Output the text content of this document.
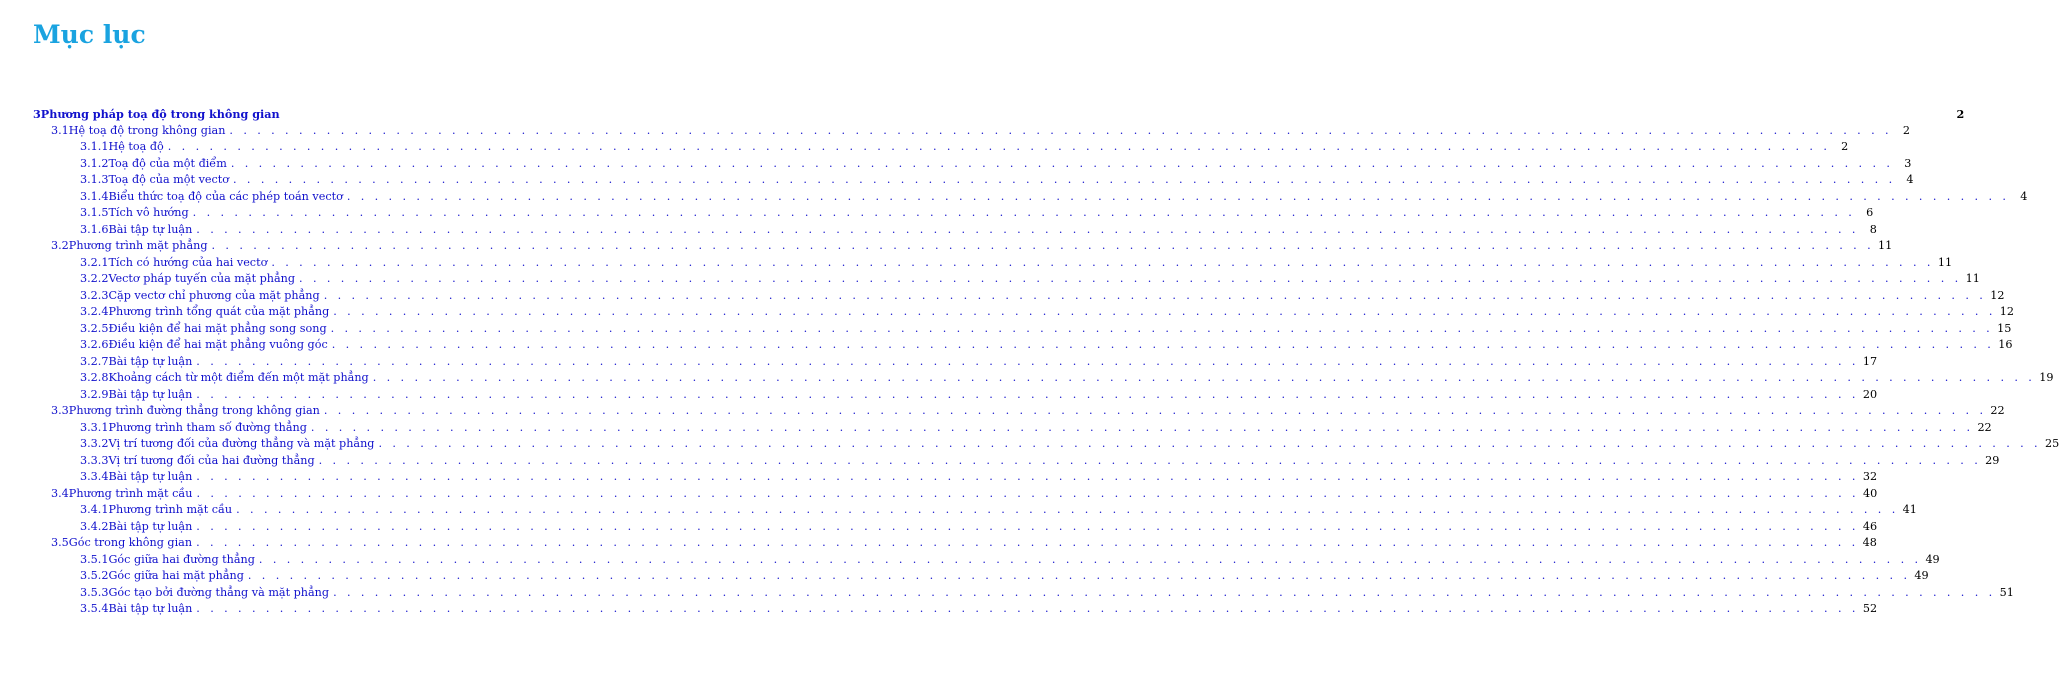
Mục lục
3 Phương pháp toạ độ trong không gian	2
3.1 Hệ toạ độ trong không gian . . . . . . . . . . . . . . . . . . . . . . . . . . . . . . . . . . . . . . . . . . . . . . . . . . . . . . . . . . . . . . . . . . . . . . . . . . . . . . . . . . . . . . . . . . . . . . . . . . . . . . . . . . . . . . . . . . . . . . . . 2
3.1.1 Hệ toạ độ . . . . . . . . . . . . . . . . . . . . . . . . . . . . . . . . . . . . . . . . . . . . . . . . . . . . . . . . . . . . . . . . . . . . . . . . . . . . . . . . . . . . . . . . . . . . . . . . . . . . . . . . . . . . . . . . . . . . . . . . 2
3.1.2 Toạ độ của một điểm . . . . . . . . . . . . . . . . . . . . . . . . . . . . . . . . . . . . . . . . . . . . . . . . . . . . . . . . . . . . . . . . . . . . . . . . . . . . . . . . . . . . . . . . . . . . . . . . . . . . . . . . . . . . . . . . . . . . . . . . 3
3.1.3 Toạ độ của một vectơ . . . . . . . . . . . . . . . . . . . . . . . . . . . . . . . . . . . . . . . . . . . . . . . . . . . . . . . . . . . . . . . . . . . . . . . . . . . . . . . . . . . . . . . . . . . . . . . . . . . . . . . . . . . . . . . . . . . . . . . . 4
3.1.4 Biểu thức toạ độ của các phép toán vectơ . . . . . . . . . . . . . . . . . . . . . . . . . . . . . . . . . . . . . . . . . . . . . . . . . . . . . . . . . . . . . . . . . . . . . . . . . . . . . . . . . . . . . . . . . . . . . . . . . . . . . . . . . . . . . . . . . . . . . . . . 4
3.1.5 Tích vô hướng . . . . . . . . . . . . . . . . . . . . . . . . . . . . . . . . . . . . . . . . . . . . . . . . . . . . . . . . . . . . . . . . . . . . . . . . . . . . . . . . . . . . . . . . . . . . . . . . . . . . . . . . . . . . . . . . . . . . . . . . 6
3.1.6 Bài tập tự luận . . . . . . . . . . . . . . . . . . . . . . . . . . . . . . . . . . . . . . . . . . . . . . . . . . . . . . . . . . . . . . . . . . . . . . . . . . . . . . . . . . . . . . . . . . . . . . . . . . . . . . . . . . . . . . . . . . . . . . . . 8
3.2 Phương trình mặt phẳng . . . . . . . . . . . . . . . . . . . . . . . . . . . . . . . . . . . . . . . . . . . . . . . . . . . . . . . . . . . . . . . . . . . . . . . . . . . . . . . . . . . . . . . . . . . . . . . . . . . . . . . . . . . . . . . . . . . . . . . . 11
3.2.1 Tích có hướng của hai vectơ . . . . . . . . . . . . . . . . . . . . . . . . . . . . . . . . . . . . . . . . . . . . . . . . . . . . . . . . . . . . . . . . . . . . . . . . . . . . . . . . . . . . . . . . . . . . . . . . . . . . . . . . . . . . . . . . . . . . . . . . 11
3.2.2 Vectơ pháp tuyến của mặt phẳng . . . . . . . . . . . . . . . . . . . . . . . . . . . . . . . . . . . . . . . . . . . . . . . . . . . . . . . . . . . . . . . . . . . . . . . . . . . . . . . . . . . . . . . . . . . . . . . . . . . . . . . . . . . . . . . . . . . . . . . . 11
3.2.3 Cặp vectơ chỉ phương của mặt phẳng . . . . . . . . . . . . . . . . . . . . . . . . . . . . . . . . . . . . . . . . . . . . . . . . . . . . . . . . . . . . . . . . . . . . . . . . . . . . . . . . . . . . . . . . . . . . . . . . . . . . . . . . . . . . . . . . . . . . . . . . 12
3.2.4 Phương trình tổng quát của mặt phẳng . . . . . . . . . . . . . . . . . . . . . . . . . . . . . . . . . . . . . . . . . . . . . . . . . . . . . . . . . . . . . . . . . . . . . . . . . . . . . . . . . . . . . . . . . . . . . . . . . . . . . . . . . . . . . . . . . . . . . . . . 12
3.2.5 Điều kiện để hai mặt phẳng song song . . . . . . . . . . . . . . . . . . . . . . . . . . . . . . . . . . . . . . . . . . . . . . . . . . . . . . . . . . . . . . . . . . . . . . . . . . . . . . . . . . . . . . . . . . . . . . . . . . . . . . . . . . . . . . . . . . . . . . . . 15
3.2.6 Điều kiện để hai mặt phẳng vuông góc . . . . . . . . . . . . . . . . . . . . . . . . . . . . . . . . . . . . . . . . . . . . . . . . . . . . . . . . . . . . . . . . . . . . . . . . . . . . . . . . . . . . . . . . . . . . . . . . . . . . . . . . . . . . . . . . . . . . . . . . 16
3.2.7 Bài tập tự luận . . . . . . . . . . . . . . . . . . . . . . . . . . . . . . . . . . . . . . . . . . . . . . . . . . . . . . . . . . . . . . . . . . . . . . . . . . . . . . . . . . . . . . . . . . . . . . . . . . . . . . . . . . . . . . . . . . . . . . . . 17
3.2.8 Khoảng cách từ một điểm đến một mặt phẳng . . . . . . . . . . . . . . . . . . . . . . . . . . . . . . . . . . . . . . . . . . . . . . . . . . . . . . . . . . . . . . . . . . . . . . . . . . . . . . . . . . . . . . . . . . . . . . . . . . . . . . . . . . . . . . . . . . . . . . . . 19
3.2.9 Bài tập tự luận . . . . . . . . . . . . . . . . . . . . . . . . . . . . . . . . . . . . . . . . . . . . . . . . . . . . . . . . . . . . . . . . . . . . . . . . . . . . . . . . . . . . . . . . . . . . . . . . . . . . . . . . . . . . . . . . . . . . . . . . 20
3.3 Phương trình đường thẳng trong không gian . . . . . . . . . . . . . . . . . . . . . . . . . . . . . . . . . . . . . . . . . . . . . . . . . . . . . . . . . . . . . . . . . . . . . . . . . . . . . . . . . . . . . . . . . . . . . . . . . . . . . . . . . . . . . . . . . . . . . . . . 22
3.3.1 Phương trình tham số đường thẳng . . . . . . . . . . . . . . . . . . . . . . . . . . . . . . . . . . . . . . . . . . . . . . . . . . . . . . . . . . . . . . . . . . . . . . . . . . . . . . . . . . . . . . . . . . . . . . . . . . . . . . . . . . . . . . . . . . . . . . . . 22
3.3.2 Vị trí tương đối của đường thẳng và mặt phẳng . . . . . . . . . . . . . . . . . . . . . . . . . . . . . . . . . . . . . . . . . . . . . . . . . . . . . . . . . . . . . . . . . . . . . . . . . . . . . . . . . . . . . . . . . . . . . . . . . . . . . . . . . . . . . . . . . . . . . . . . 25
3.3.3 Vị trí tương đối của hai đường thẳng . . . . . . . . . . . . . . . . . . . . . . . . . . . . . . . . . . . . . . . . . . . . . . . . . . . . . . . . . . . . . . . . . . . . . . . . . . . . . . . . . . . . . . . . . . . . . . . . . . . . . . . . . . . . . . . . . . . . . . . . 29
3.3.4 Bài tập tự luận . . . . . . . . . . . . . . . . . . . . . . . . . . . . . . . . . . . . . . . . . . . . . . . . . . . . . . . . . . . . . . . . . . . . . . . . . . . . . . . . . . . . . . . . . . . . . . . . . . . . . . . . . . . . . . . . . . . . . . . . 32
3.4 Phương trình mặt cầu . . . . . . . . . . . . . . . . . . . . . . . . . . . . . . . . . . . . . . . . . . . . . . . . . . . . . . . . . . . . . . . . . . . . . . . . . . . . . . . . . . . . . . . . . . . . . . . . . . . . . . . . . . . . . . . . . . . . . . . . 40
3.4.1 Phương trình mặt cầu . . . . . . . . . . . . . . . . . . . . . . . . . . . . . . . . . . . . . . . . . . . . . . . . . . . . . . . . . . . . . . . . . . . . . . . . . . . . . . . . . . . . . . . . . . . . . . . . . . . . . . . . . . . . . . . . . . . . . . . . 41
3.4.2 Bài tập tự luận . . . . . . . . . . . . . . . . . . . . . . . . . . . . . . . . . . . . . . . . . . . . . . . . . . . . . . . . . . . . . . . . . . . . . . . . . . . . . . . . . . . . . . . . . . . . . . . . . . . . . . . . . . . . . . . . . . . . . . . . 46
3.5 Góc trong không gian . . . . . . . . . . . . . . . . . . . . . . . . . . . . . . . . . . . . . . . . . . . . . . . . . . . . . . . . . . . . . . . . . . . . . . . . . . . . . . . . . . . . . . . . . . . . . . . . . . . . . . . . . . . . . . . . . . . . . . . . 48
3.5.1 Góc giữa hai đường thẳng . . . . . . . . . . . . . . . . . . . . . . . . . . . . . . . . . . . . . . . . . . . . . . . . . . . . . . . . . . . . . . . . . . . . . . . . . . . . . . . . . . . . . . . . . . . . . . . . . . . . . . . . . . . . . . . . . . . . . . . . 49
3.5.2 Góc giữa hai mặt phẳng . . . . . . . . . . . . . . . . . . . . . . . . . . . . . . . . . . . . . . . . . . . . . . . . . . . . . . . . . . . . . . . . . . . . . . . . . . . . . . . . . . . . . . . . . . . . . . . . . . . . . . . . . . . . . . . . . . . . . . . . 49
3.5.3 Góc tạo bởi đường thẳng và mặt phẳng . . . . . . . . . . . . . . . . . . . . . . . . . . . . . . . . . . . . . . . . . . . . . . . . . . . . . . . . . . . . . . . . . . . . . . . . . . . . . . . . . . . . . . . . . . . . . . . . . . . . . . . . . . . . . . . . . . . . . . . . 51
3.5.4 Bài tập tự luận . . . . . . . . . . . . . . . . . . . . . . . . . . . . . . . . . . . . . . . . . . . . . . . . . . . . . . . . . . . . . . . . . . . . . . . . . . . . . . . . . . . . . . . . . . . . . . . . . . . . . . . . . . . . . . . . . . . . . . . . 52
